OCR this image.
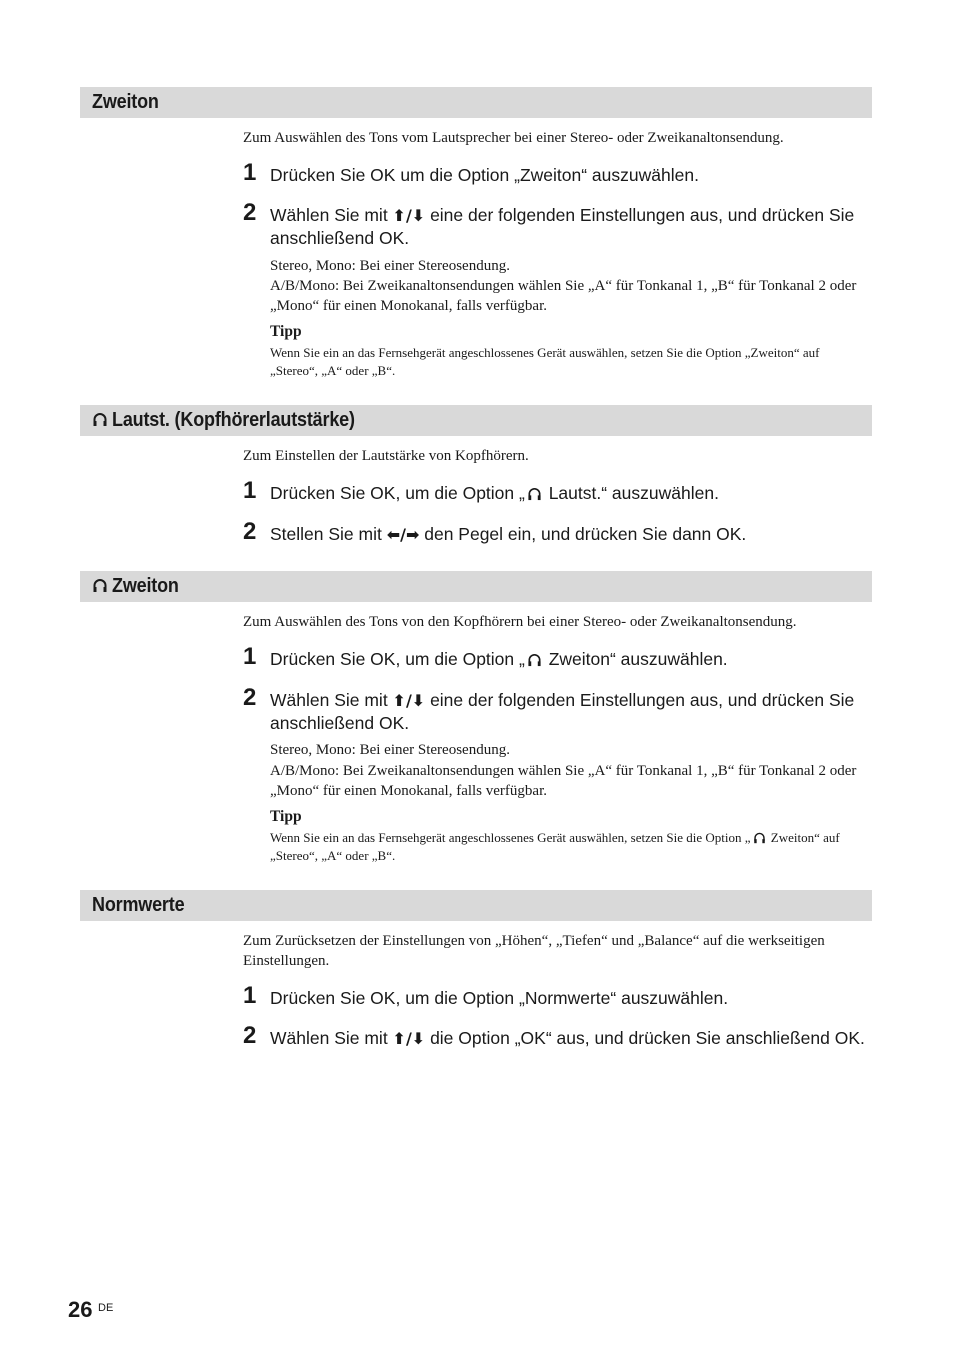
Zweiton
Zum Auswählen des Tons vom Lautsprecher bei einer Stereo- oder Zweikanaltonsendung.
1 Drücken Sie OK um die Option „Zweiton“ auszuwählen.
2 Wählen Sie mit ⬆/⬇ eine der folgenden Einstellungen aus, und drücken Sie anschließend OK.
Stereo, Mono: Bei einer Stereosendung.
A/B/Mono: Bei Zweikanaltonsendungen wählen Sie „A“ für Tonkanal 1, „B“ für Tonkanal 2 oder „Mono“ für einen Monokanal, falls verfügbar.
Tipp
Wenn Sie ein an das Fernsehgerät angeschlossenes Gerät auswählen, setzen Sie die Option „Zweiton“ auf „Stereo“, „A“ oder „B“.
Lautst. (Kopfhörerlautstärke)
Zum Einstellen der Lautstärke von Kopfhörern.
1 Drücken Sie OK, um die Option „ Lautst.“ auszuwählen.
2 Stellen Sie mit ⬅/➡ den Pegel ein, und drücken Sie dann OK.
Zweiton
Zum Auswählen des Tons von den Kopfhörern bei einer Stereo- oder Zweikanaltonsendung.
1 Drücken Sie OK, um die Option „ Zweiton“ auszuwählen.
2 Wählen Sie mit ⬆/⬇ eine der folgenden Einstellungen aus, und drücken Sie anschließend OK.
Stereo, Mono: Bei einer Stereosendung.
A/B/Mono: Bei Zweikanaltonsendungen wählen Sie „A“ für Tonkanal 1, „B“ für Tonkanal 2 oder „Mono“ für einen Monokanal, falls verfügbar.
Tipp
Wenn Sie ein an das Fernsehgerät angeschlossenes Gerät auswählen, setzen Sie die Option „ Zweiton“ auf „Stereo“, „A“ oder „B“.
Normwerte
Zum Zurücksetzen der Einstellungen von „Höhen“, „Tiefen“ und „Balance“ auf die werkseitigen Einstellungen.
1 Drücken Sie OK, um die Option „Normwerte“ auszuwählen.
2 Wählen Sie mit ⬆/⬇ die Option „OK“ aus, und drücken Sie anschließend OK.
26 DE
